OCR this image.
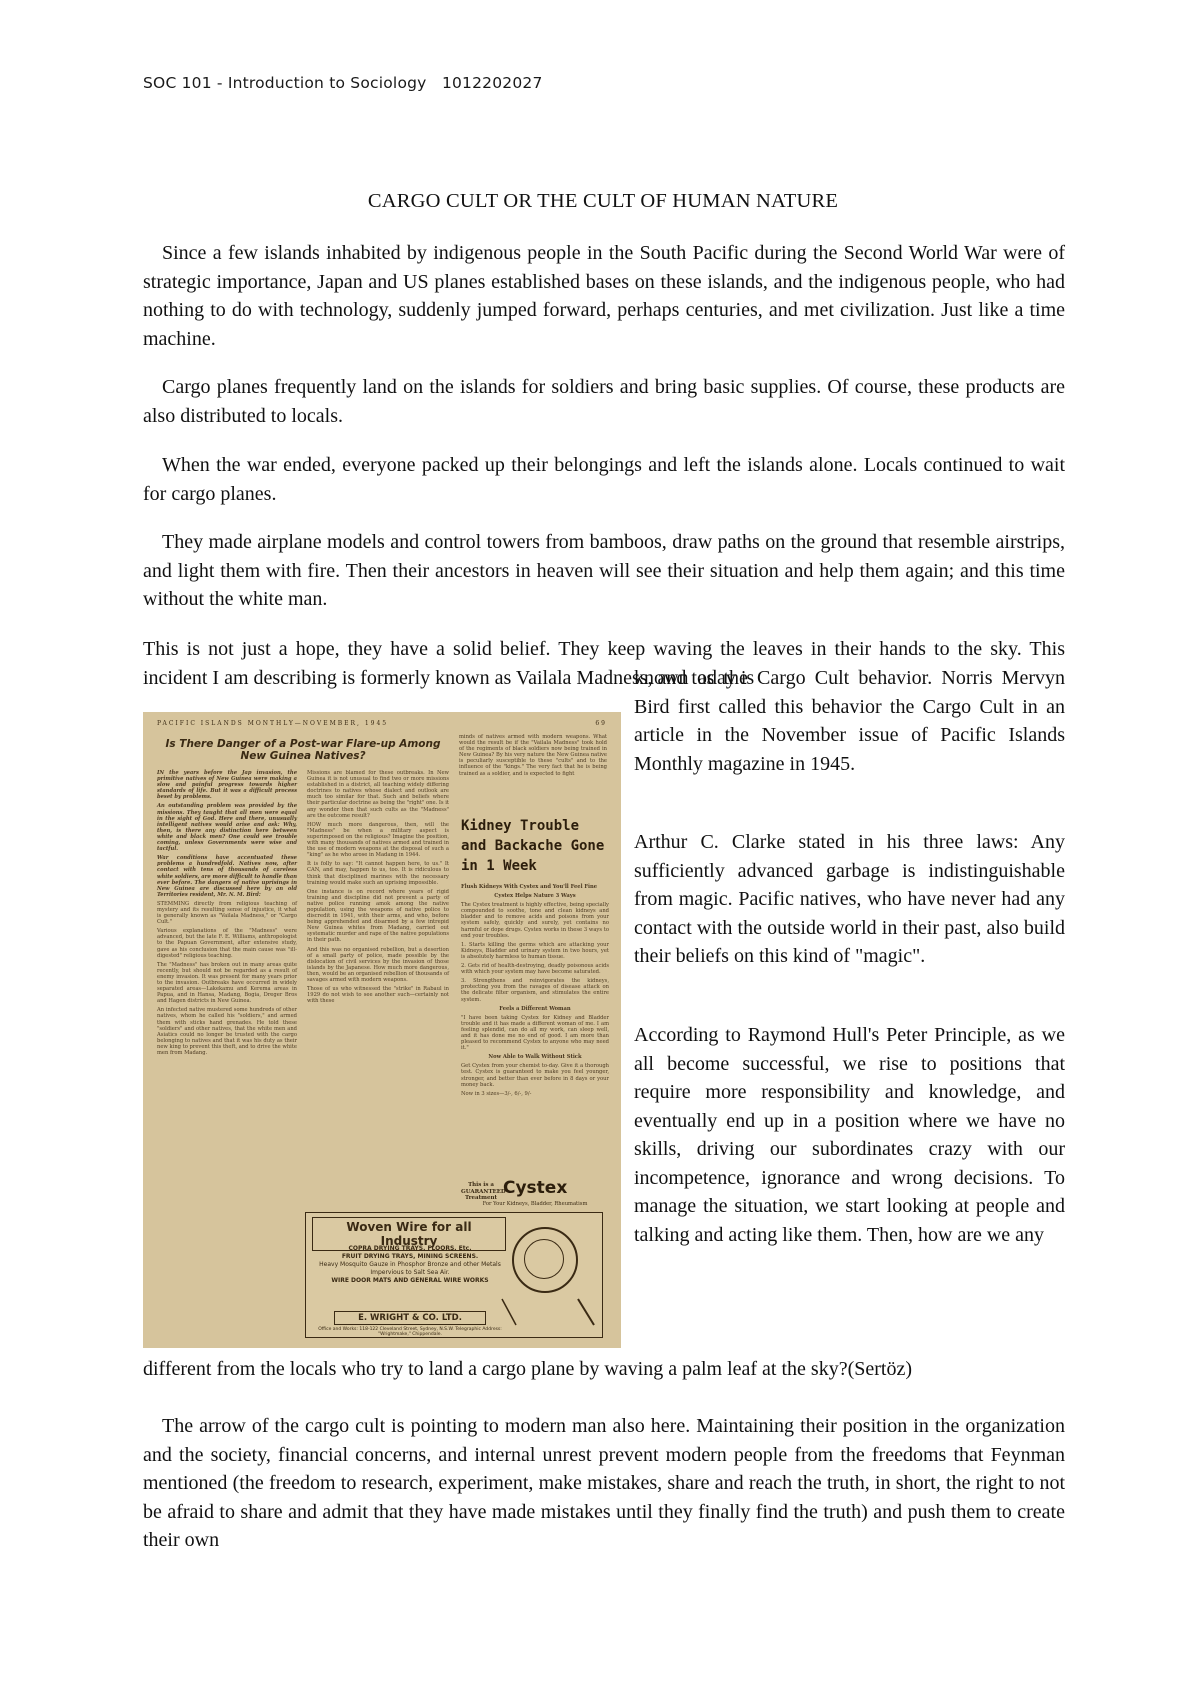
SOC 101 - Introduction to Sociology 1012202027
CARGO CULT OR THE CULT OF HUMAN NATURE

Since a few islands inhabited by indigenous people in the South Pacific during the Second World War were of strategic importance, Japan and US planes established bases on these islands, and the indigenous people, who had nothing to do with technology, suddenly jumped forward, perhaps centuries, and met civilization. Just like a time machine.

Cargo planes frequently land on the islands for soldiers and bring basic supplies. Of course, these products are also distributed to locals.

When the war ended, everyone packed up their belongings and left the islands alone. Locals continued to wait for cargo planes.

They made airplane models and control towers from bamboos, draw paths on the ground that resemble airstrips, and light them with fire. Then their ancestors in heaven will see their situation and help them again; and this time without the white man.

This is not just a hope, they have a solid belief. They keep waving the leaves in their hands to the sky. This incident I am describing is formerly known as Vailala Madness, and today is

PACIFIC ISLANDS MONTHLY—NOVEMBER, 1945	69
Is There Danger of a Post-war Flare-up Among New Guinea Natives?

IN the years before the Jap invasion, the primitive natives of New Guinea were making a slow and painful progress towards higher standards of life. But it was a difficult process beset by problems.

An outstanding problem was provided by the missions. They taught that all men were equal in the sight of God. Here and there, unusually intelligent natives would arise and ask: Why, then, is there any distinction here between white and black men? One could see trouble coming, unless Governments were wise and tactful.

War conditions have accentuated these problems a hundredfold. Natives now, after contact with tens of thousands of careless white soldiers, are more difficult to handle than ever before. The dangers of native uprisings in New Guinea are discussed here by an old Territories resident, Mr. N. M. Bird:

STEMMING directly from religious teaching of mystery and its resulting sense of injustice, it what is generally known as "Vailala Madness," or "Cargo Cult."

Various explanations of the "Madness" were advanced, but the late F. E. Williams, anthropologist to the Papuan Government, after extensive study, gave as his conclusion that the main cause was "ill-digested" religious teaching.

The "Madness" has broken out in many areas quite recently, but should not be regarded as a result of enemy invasion. It was present for many years prior to the invasion. Outbreaks have occurred in widely separated areas—Lakekamu and Kerema areas in Papua, and in Hansa, Madang, Bogia, Dreger Bros and Hagen districts in New Guinea.

An infected native mustered some hundreds of other natives, whom he called his "soldiers," and armed them with sticks hand grenades. He told these "soldiers" and other natives, that the white men and Asiatics could no longer be trusted with the cargo belonging to natives and that it was his duty as their new king to prevent this theft, and to drive the white men from Madang.

Missions are blamed for these outbreaks. In New Guinea it is not unusual to find two or more missions established in a district, all teaching widely differing doctrines to natives whose dialect and outlook are much too similar for that. Such and beliefs where their particular doctrine as being the "right" one. Is it any wonder then that such cults as the "Madness" are the outcome result?

HOW much more dangerous, then, will the "Madness" be when a military aspect is superimposed on the religious? Imagine the position, with many thousands of natives armed and trained in the use of modern weapons at the disposal of such a "king" as he who arose in Madang in 1944.

It is folly to say: "It cannot happen here, to us." It CAN, and may, happen to us, too. It is ridiculous to think that disciplined marines with the necessary training would make such an uprising impossible.

One instance is on record where years of rigid training and discipline did not prevent a party of native police running amok among the native population, using the weapons of native police to discredit in 1941, with their arms, and who, before being apprehended and disarmed by a few intrepid New Guinea whites from Madang, carried out systematic murder and rape of the native populations in their path.

And this was no organised rebellion, but a desertion of a small party of police, made possible by the dislocation of civil services by the invasion of those islands by the Japanese. How much more dangerous, then, would be an organised rebellion of thousands of savages armed with modern weapons.

Those of us who witnessed the "strike" in Rabaul in 1929 do not wish to see another such—certainly not with these

minds of natives armed with modern weapons. What would the result be if the "Vailala Madness" took hold of the regiments of black soldiers now being trained in New Guinea? By his very nature the New Guinea native is peculiarly susceptible to these "cults" and to the influence of the "kings." The very fact that he is being trained as a soldier, and is expected to fight
Kidney Trouble and Backache Gone in 1 Week

Flush Kidneys With Cystex and You'll Feel Fine

Cystex Helps Nature 3 Ways

The Cystex treatment is highly effective, being specially compounded to soothe, tone and clean kidneys and bladder and to remove acids and poisons from your system safely, quickly and surely, yet contains no harmful or dope drugs. Cystex works in these 3 ways to end your troubles.

1. Starts killing the germs which are attacking your Kidneys, Bladder and urinary system in two hours, yet is absolutely harmless to human tissue.

2. Gets rid of health-destroying, deadly poisonous acids with which your system may have become saturated.

3. Strengthens and reinvigorates the kidneys, protecting you from the ravages of disease attack on the delicate filter organism, and stimulates the entire system.

Feels a Different Woman

"I have been taking Cystex for Kidney and Bladder trouble and it has made a different woman of me. I am feeling splendid, can do all my work, can sleep well, and it has done me no end of good. I am more than pleased to recommend Cystex to anyone who may need it."

Now Able to Walk Without Stick

Get Cystex from your chemist to-day. Give it a thorough test. Cystex is guaranteed to make you feel younger, stronger, and better than ever before in 8 days or your money back.

Now in 3 sizes—3/-, 6/-, 9/-

This is a GUARANTEED Treatment Cystex
For Your Kidneys, Bladder, Rheumatism
Woven Wire for all Industry
COPRA DRYING TRAYS, FLOORS, Etc.
FRUIT DRYING TRAYS, MINING SCREENS.
Heavy Mosquito Gauze in Phosphor Bronze and other Metals Impervious to Salt Sea Air.
WIRE DOOR MATS AND GENERAL WIRE WORKS
E. WRIGHT & CO. LTD.
Office and Works: 118-122 Cleveland Street, Sydney, N.S.W. Telegraphic Address: "Wrightmake," Chippendale.
known as the Cargo Cult behavior. Norris Mervyn Bird first called this behavior the Cargo Cult in an article in the November issue of Pacific Islands Monthly magazine in 1945.
Arthur C. Clarke stated in his three laws: Any sufficiently advanced garbage is indistinguishable from magic. Pacific natives, who have never had any contact with the outside world in their past, also build their beliefs on this kind of "magic".
According to Raymond Hull's Peter Principle, as we all become successful, we rise to positions that require more responsibility and knowledge, and eventually end up in a position where we have no skills, driving our subordinates crazy with our incompetence, ignorance and wrong decisions. To manage the situation, we start looking at people and talking and acting like them. Then, how are we any

different from the locals who try to land a cargo plane by waving a palm leaf at the sky?(Sertöz)

The arrow of the cargo cult is pointing to modern man also here. Maintaining their position in the organization and the society, financial concerns, and internal unrest prevent modern people from the freedoms that Feynman mentioned (the freedom to research, experiment, make mistakes, share and reach the truth, in short, the right to not be afraid to share and admit that they have made mistakes until they finally find the truth) and push them to create their own
